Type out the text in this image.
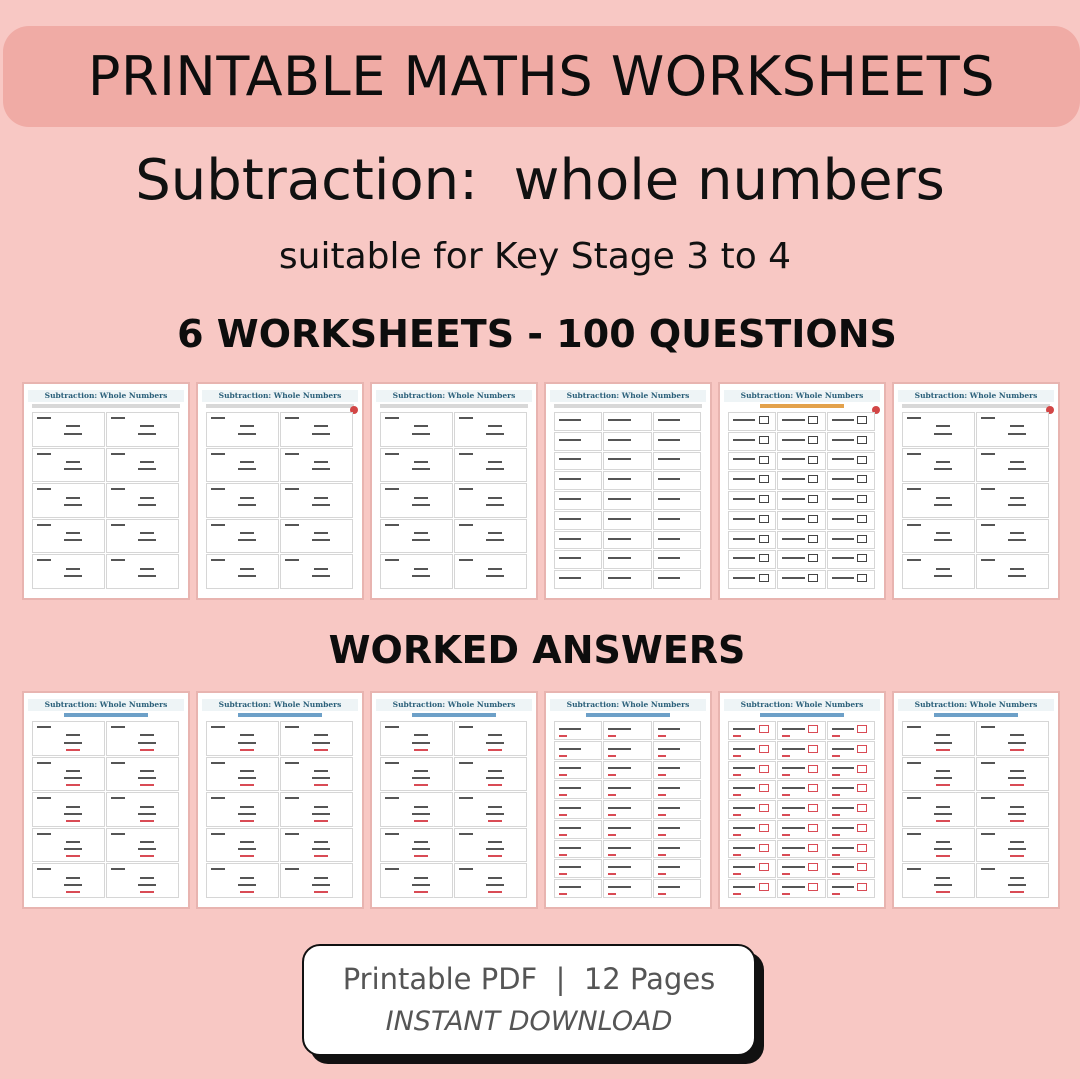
PRINTABLE MATHS WORKSHEETS
Subtraction:  whole numbers
suitable for Key Stage 3 to 4
6 WORKSHEETS - 100 QUESTIONS
Subtraction: Whole Numbers	Subtraction: Whole Numbers	Subtraction: Whole Numbers	Subtraction: Whole Numbers	Subtraction: Whole Numbers	Subtraction: Whole Numbers
WORKED ANSWERS
Subtraction: Whole Numbers	Subtraction: Whole Numbers	Subtraction: Whole Numbers	Subtraction: Whole Numbers	Subtraction: Whole Numbers	Subtraction: Whole Numbers
Printable PDF  |  12 Pages
INSTANT DOWNLOAD
